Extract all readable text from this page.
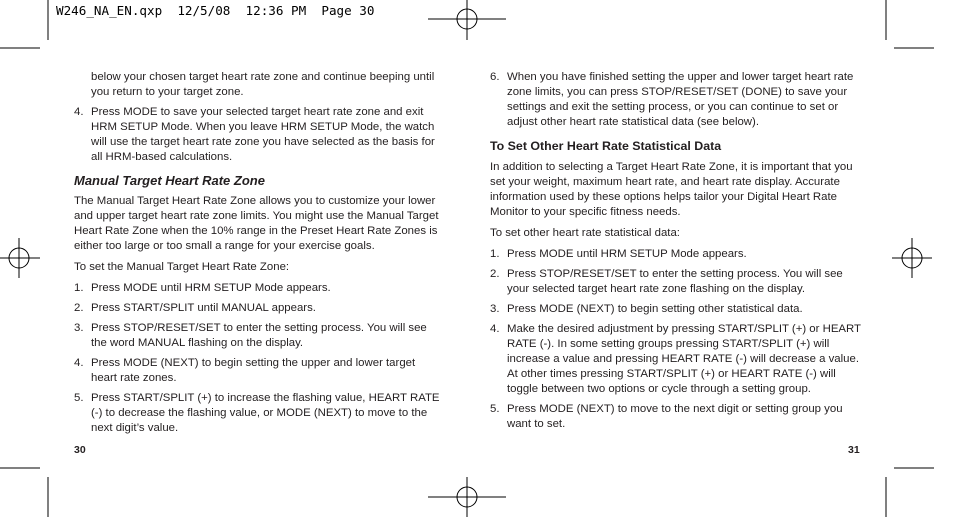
W246_NA_EN.qxp  12/5/08  12:36 PM  Page 30
below your chosen target heart rate zone and continue beeping until you return to your target zone.
4. Press MODE to save your selected target heart rate zone and exit HRM SETUP Mode. When you leave HRM SETUP Mode, the watch will use the target heart rate zone you have selected as the basis for all HRM-based calculations.
Manual Target Heart Rate Zone
The Manual Target Heart Rate Zone allows you to customize your lower and upper target heart rate zone limits. You might use the Manual Target Heart Rate Zone when the 10% range in the Preset Heart Rate Zones is either too large or too small a range for your exercise goals.
To set the Manual Target Heart Rate Zone:
1. Press MODE until HRM SETUP Mode appears.
2. Press START/SPLIT until MANUAL appears.
3. Press STOP/RESET/SET to enter the setting process. You will see the word MANUAL flashing on the display.
4. Press MODE (NEXT) to begin setting the upper and lower target heart rate zones.
5. Press START/SPLIT (+) to increase the flashing value, HEART RATE (-) to decrease the flashing value, or MODE (NEXT) to move to the next digit’s value.
6. When you have finished setting the upper and lower target heart rate zone limits, you can press STOP/RESET/SET (DONE) to save your settings and exit the setting process, or you can continue to set or adjust other heart rate statistical data (see below).
To Set Other Heart Rate Statistical Data
In addition to selecting a Target Heart Rate Zone, it is important that you set your weight, maximum heart rate, and heart rate display. Accurate information used by these options helps tailor your Digital Heart Rate Monitor to your specific fitness needs.
To set other heart rate statistical data:
1. Press MODE until HRM SETUP Mode appears.
2. Press STOP/RESET/SET to enter the setting process. You will see your selected target heart rate zone flashing on the display.
3. Press MODE (NEXT) to begin setting other statistical data.
4. Make the desired adjustment by pressing START/SPLIT (+) or HEART RATE (-). In some setting groups pressing START/SPLIT (+) will increase a value and pressing HEART RATE (-) will decrease a value. At other times pressing START/SPLIT (+) or HEART RATE (-) will toggle between two options or cycle through a setting group.
5. Press MODE (NEXT) to move to the next digit or setting group you want to set.
30	31
